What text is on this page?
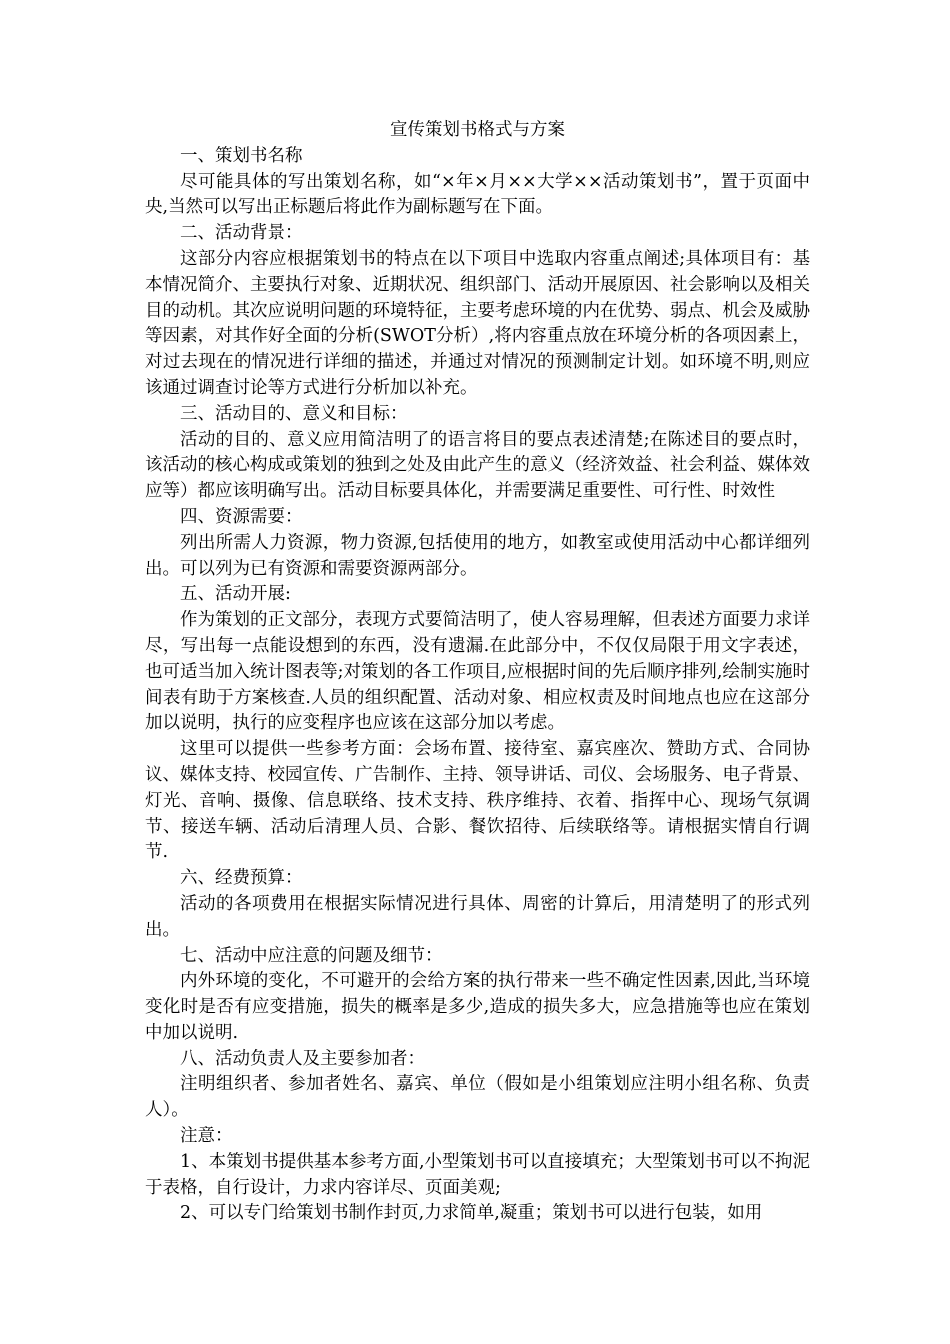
宣传策划书格式与方案

一、策划书名称

尽可能具体的写出策划名称，如“×年×月××大学××活动策划书”，置于页面中央,当然可以写出正标题后将此作为副标题写在下面。

二、活动背景：

这部分内容应根据策划书的特点在以下项目中选取内容重点阐述;具体项目有：基本情况简介、主要执行对象、近期状况、组织部门、活动开展原因、社会影响以及相关目的动机。其次应说明问题的环境特征，主要考虑环境的内在优势、弱点、机会及威胁等因素，对其作好全面的分析(SWOT分析）,将内容重点放在环境分析的各项因素上，对过去现在的情况进行详细的描述，并通过对情况的预测制定计划。如环境不明,则应该通过调查讨论等方式进行分析加以补充。

三、活动目的、意义和目标：

活动的目的、意义应用简洁明了的语言将目的要点表述清楚;在陈述目的要点时，该活动的核心构成或策划的独到之处及由此产生的意义（经济效益、社会利益、媒体效应等）都应该明确写出。活动目标要具体化，并需要满足重要性、可行性、时效性

四、资源需要：

列出所需人力资源，物力资源,包括使用的地方，如教室或使用活动中心都详细列出。可以列为已有资源和需要资源两部分。

五、活动开展:

作为策划的正文部分，表现方式要简洁明了，使人容易理解，但表述方面要力求详尽，写出每一点能设想到的东西，没有遗漏.在此部分中，不仅仅局限于用文字表述，也可适当加入统计图表等;对策划的各工作项目,应根据时间的先后顺序排列,绘制实施时间表有助于方案核查.人员的组织配置、活动对象、相应权责及时间地点也应在这部分加以说明，执行的应变程序也应该在这部分加以考虑。

这里可以提供一些参考方面：会场布置、接待室、嘉宾座次、赞助方式、合同协议、媒体支持、校园宣传、广告制作、主持、领导讲话、司仪、会场服务、电子背景、灯光、音响、摄像、信息联络、技术支持、秩序维持、衣着、指挥中心、现场气氛调节、接送车辆、活动后清理人员、合影、餐饮招待、后续联络等。请根据实情自行调节.

六、经费预算：

活动的各项费用在根据实际情况进行具体、周密的计算后，用清楚明了的形式列出。

七、活动中应注意的问题及细节：

内外环境的变化，不可避开的会给方案的执行带来一些不确定性因素,因此,当环境变化时是否有应变措施，损失的概率是多少,造成的损失多大，应急措施等也应在策划中加以说明.

八、活动负责人及主要参加者：

注明组织者、参加者姓名、嘉宾、单位（假如是小组策划应注明小组名称、负责人）。

注意：

1、本策划书提供基本参考方面,小型策划书可以直接填充；大型策划书可以不拘泥于表格，自行设计，力求内容详尽、页面美观;

2、可以专门给策划书制作封页,力求简单,凝重；策划书可以进行包装，如用
